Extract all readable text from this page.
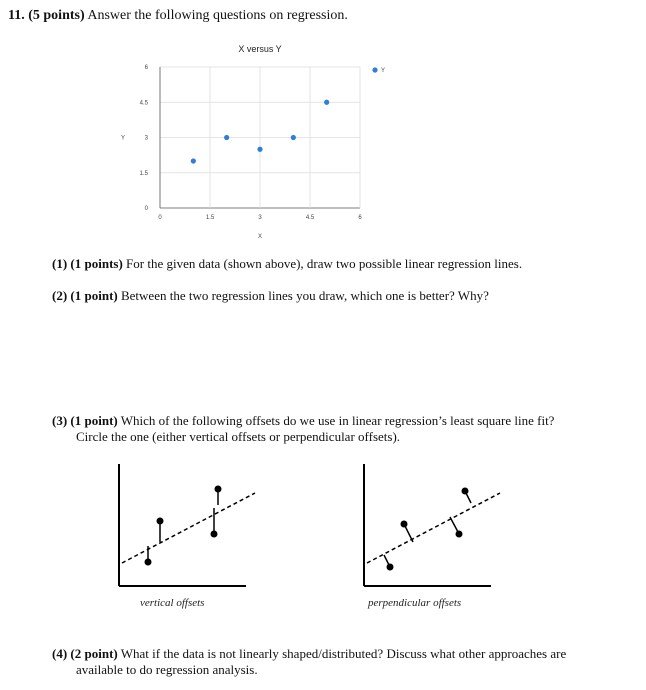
11. (5 points) Answer the following questions on regression.
X versus Y
0
1.5
3
4.5
6
0	1.5	3	4.5	6
X
Y
Y
(1) (1 points) For the given data (shown above), draw two possible linear regression lines.
(2) (1 point) Between the two regression lines you draw, which one is better? Why?
(3) (1 point) Which of the following offsets do we use in linear regression’s least square line fit?
Circle the one (either vertical offsets or perpendicular offsets).
vertical offsets	perpendicular offsets
(4) (2 point) What if the data is not linearly shaped/distributed? Discuss what other approaches are
available to do regression analysis.
